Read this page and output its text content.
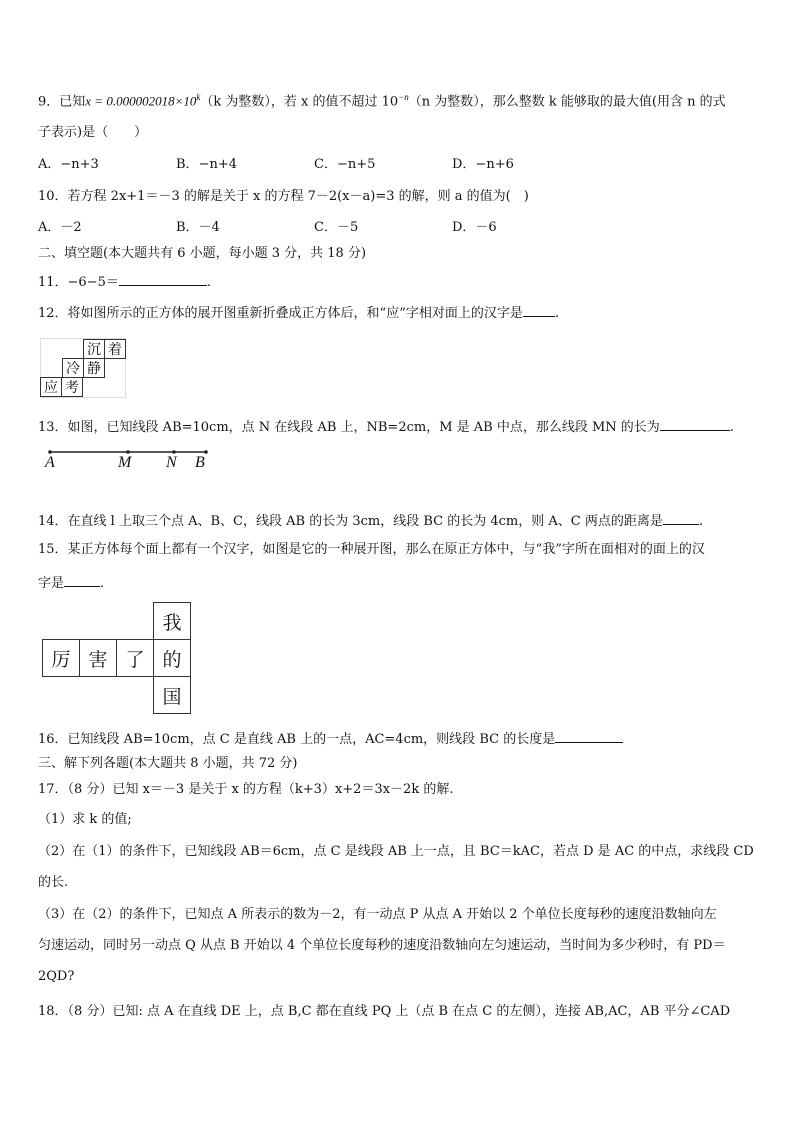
9．已知$x = 0.000002018\times 10^k(k$ 为整数），若 x 的值不超过 $10^{-n}(n$ 为整数），那么整数 k 能够取的最大值(用含 n 的式
子表示)是（　　）
A．−n+3	B．−n+4	C．−n+5	D．−n+6
10．若方程 2x+1＝－3 的解是关于 x 的方程 7－2(x－a)=3 的解，则 a 的值为(　)
A．－2	B．－4	C．－5	D．－6
二、填空题(本大题共有 6 小题，每小题 3 分，共 18 分)
11．−6−5＝	.
12．将如图所示的正方体的展开图重新折叠成正方体后，和“应”字相对面上的汉字是 .
沉 着
冷 静
应 考
13．如图，已知线段 AB=10cm，点 N 在线段 AB 上，NB=2cm，M 是 AB 中点，那么线段 MN 的长为	.
A	M N B
14．在直线 l 上取三个点 A、B、C，线段 AB 的长为 3cm，线段 BC 的长为 4cm，则 A、C 两点的距离是	.
15．某正方体每个面上都有一个汉字，如图是它的一种展开图，那么在原正方体中，与“我”字所在面相对的面上的汉
字是	.
我
厉 害 了 的
国
16．已知线段 AB=10cm，点 C 是直线 AB 上的一点，AC=4cm，则线段 BC 的长度是
三、解下列各题(本大题共 8 小题，共 72 分)
17．（8 分）已知 x＝－3 是关于 x 的方程（k+3）x+2＝3x－2k 的解.
（1）求 k 的值;
（2）在（1）的条件下，已知线段 AB＝6cm，点 C 是线段 AB 上一点，且 BC＝kAC，若点 D 是 AC 的中点，求线段 CD
的长.
（3）在（2）的条件下，已知点 A 所表示的数为－2，有一动点 P 从点 A 开始以 2 个单位长度每秒的速度沿数轴向左
匀速运动，同时另一动点 Q 从点 B 开始以 4 个单位长度每秒的速度沿数轴向左匀速运动，当时间为多少秒时，有 PD＝
2QD?
18．（8 分）已知: 点 A 在直线 DE 上，点 B,C 都在直线 PQ 上（点 B 在点 C 的左侧），连接 AB,AC，AB 平分∠CAD
